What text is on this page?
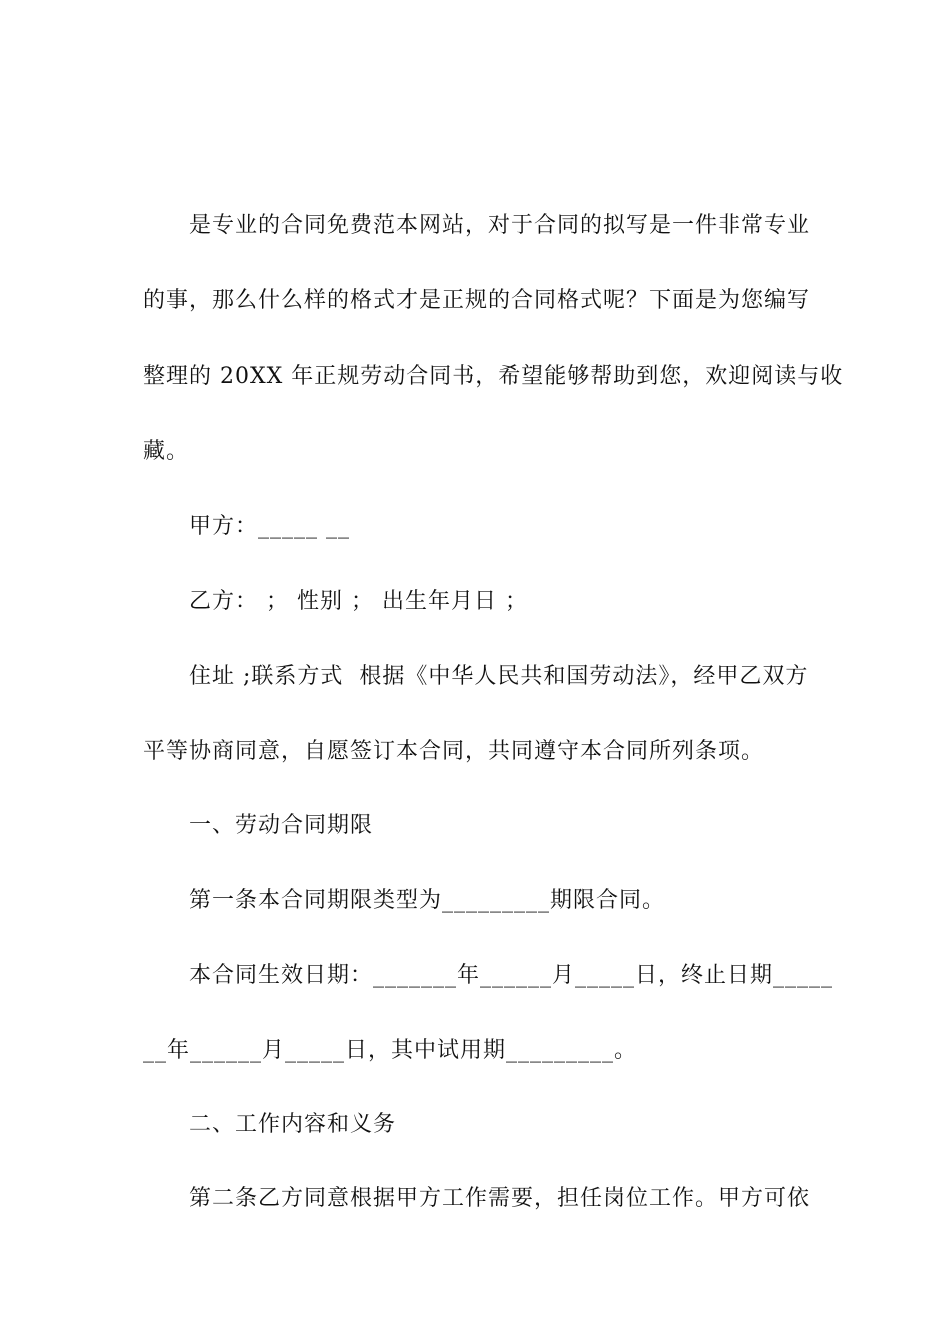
是专业的合同免费范本网站，对于合同的拟写是一件非常专业
的事，那么什么样的格式才是正规的合同格式呢？下面是为您编写
整理的 20XX 年正规劳动合同书，希望能够帮助到您，欢迎阅读与收
藏。
甲方：_____ __
乙方： ； 性别 ； 出生年月日 ；
住址 ;联系方式  根据《中华人民共和国劳动法》，经甲乙双方
平等协商同意，自愿签订本合同，共同遵守本合同所列条项。
一、劳动合同期限
第一条本合同期限类型为_________期限合同。
本合同生效日期：_______年______月_____日，终止日期_____
__年______月_____日，其中试用期_________。
二、工作内容和义务
第二条乙方同意根据甲方工作需要，担任岗位工作。甲方可依
